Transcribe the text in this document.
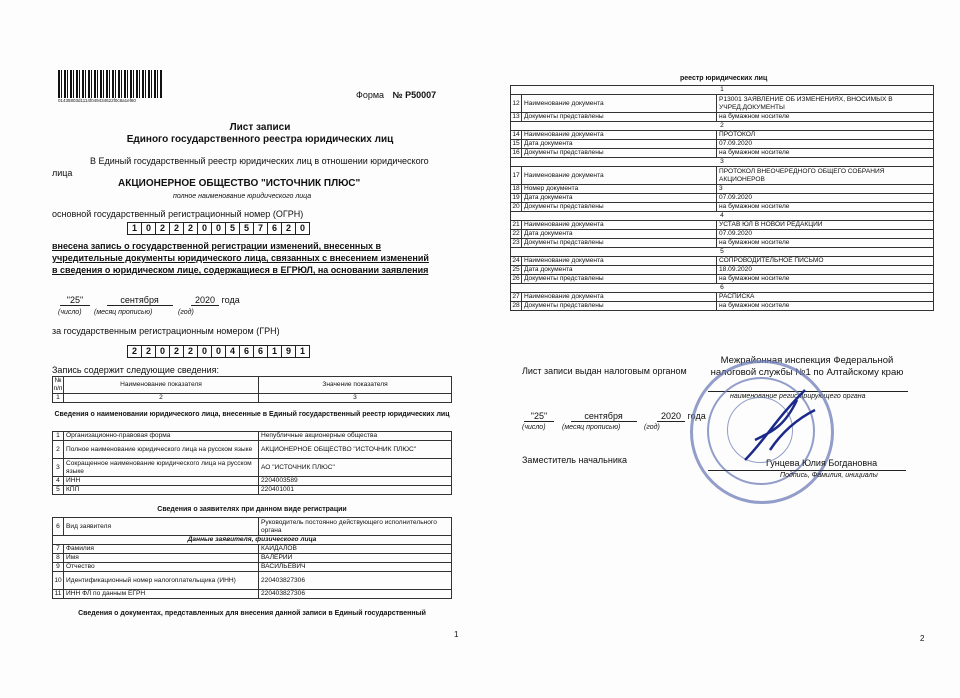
01435803d1114f049434622f0c8a1ef60
Форма № Р50007
Лист записи
Единого государственного реестра юридических лиц
В Единый государственный реестр юридических лиц в отношении юридического
лица
АКЦИОНЕРНОЕ ОБЩЕСТВО "ИСТОЧНИК ПЛЮС"
полное наименование юридического лица
основной государственный регистрационный номер (ОГРН)
1 0 2 2 2 0 0 5 5 7 6 2 0
внесена запись о государственной регистрации изменений, внесенных в учредительные документы юридического лица, связанных с внесением изменений в сведения о юридическом лице, содержащиеся в ЕГРЮЛ, на основании заявления
"25"	сентября	2020 года
(число) (месяц прописью)	(год)
за государственным регистрационным номером (ГРН)
2 2 0 2 2 0 0 4 6 6 1 9 1
Запись содержит следующие сведения:
№ п/п	Наименование показателя	Значение показателя
1	2	3
Сведения о наименовании юридического лица, внесенные в Единый государственный реестр юридических лиц
1	Организационно-правовая форма	Непубличные акционерные общества
2	Полное наименование юридического лица на русском языке	АКЦИОНЕРНОЕ ОБЩЕСТВО "ИСТОЧНИК ПЛЮС"
3	Сокращенное наименование юридического лица на русском языке	АО "ИСТОЧНИК ПЛЮС"
4	ИНН	2204003589
5	КПП	220401001
Сведения о заявителях при данном виде регистрации
6	Вид заявителя	Руководитель постоянно действующего исполнительного органа
Данные заявителя, физического лица		
7	Фамилия	КАЙДАЛОВ
8	Имя	ВАЛЕРИЙ
9	Отчество	ВАСИЛЬЕВИЧ
10	Идентификационный номер налогоплательщика (ИНН)	220403827306
11	ИНН ФЛ по данным ЕГРН	220403827306
Сведения о документах, представленных для внесения данной записи в Единый государственный
1
реестр юридических лиц
1		
12	Наименование документа	Р13001 ЗАЯВЛЕНИЕ ОБ ИЗМЕНЕНИЯХ, ВНОСИМЫХ В УЧРЕД.ДОКУМЕНТЫ
13	Документы представлены	на бумажном носителе
2		
14	Наименование документа	ПРОТОКОЛ
15	Дата документа	07.09.2020
16	Документы представлены	на бумажном носителе
3		
17	Наименование документа	ПРОТОКОЛ ВНЕОЧЕРЕДНОГО ОБЩЕГО СОБРАНИЯ АКЦИОНЕРОВ
18	Номер документа	3
19	Дата документа	07.09.2020
20	Документы представлены	на бумажном носителе
4		
21	Наименование документа	УСТАВ ЮЛ В НОВОЙ РЕДАКЦИИ
22	Дата документа	07.09.2020
23	Документы представлены	на бумажном носителе
5		
24	Наименование документа	СОПРОВОДИТЕЛЬНОЕ ПИСЬМО
25	Дата документа	18.09.2020
26	Документы представлены	на бумажном носителе
6		
27	Наименование документа	РАСПИСКА
28	Документы представлены	на бумажном носителе
Лист записи выдан налоговым органом
Межрайонная инспекция Федеральной налоговой службы №1 по Алтайскому краю
наименование регистрирующего органа
"25"	сентября	2020 года
(число) (месяц прописью)	(год)
Заместитель начальника	Гунцева Юлия Богдановна
Подпись, Фамилия, инициалы
2
